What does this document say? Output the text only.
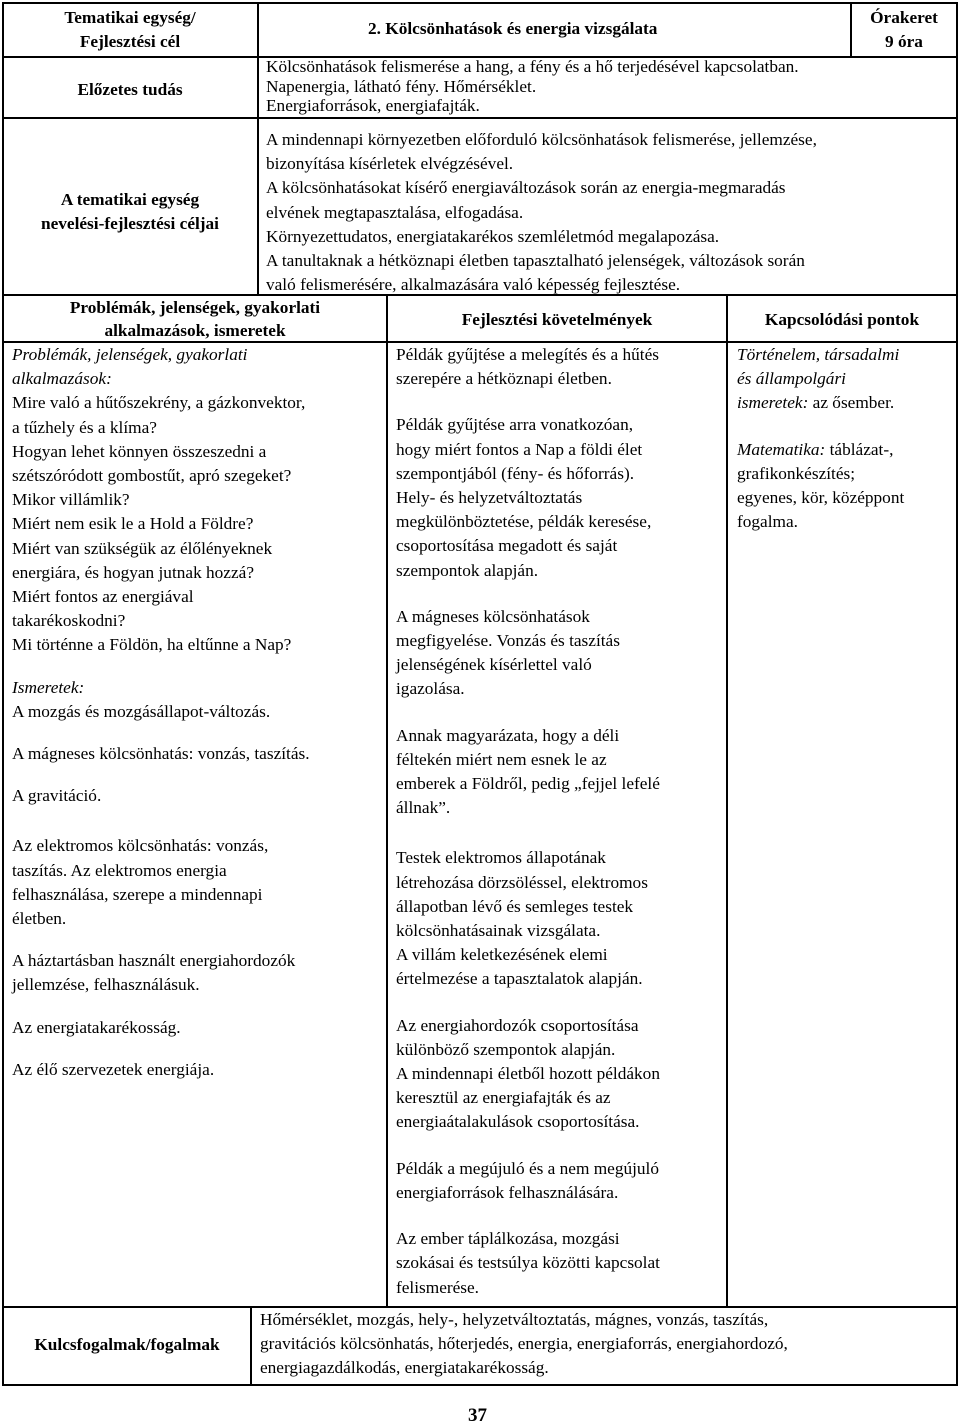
Tematikai egység/
Fejlesztési cél
2. Kölcsönhatások és energia vizsgálata
Órakeret
9 óra
Előzetes tudás
Kölcsönhatások felismerése a hang, a fény és a hő terjedésével kapcsolatban.
Napenergia, látható fény. Hőmérséklet.
Energiaforrások, energiafajták.
A tematikai egység
nevelési-fejlesztési céljai
A mindennapi környezetben előforduló kölcsönhatások felismerése, jellemzése,
bizonyítása kísérletek elvégzésével.
A kölcsönhatásokat kísérő energiaváltozások során az energia-megmaradás
elvének megtapasztalása, elfogadása.
Környezettudatos, energiatakarékos szemléletmód megalapozása.
A tanultaknak a hétköznapi életben tapasztalható jelenségek, változások során
való felismerésére, alkalmazására való képesség fejlesztése.
Problémák, jelenségek, gyakorlati
alkalmazások, ismeretek
Fejlesztési követelmények	Kapcsolódási pontok
Problémák, jelenségek, gyakorlati
alkalmazások:
Mire való a hűtőszekrény, a gázkonvektor,
a tűzhely és a klíma?
Hogyan lehet könnyen összeszedni a
szétszóródott gombostűt, apró szegeket?
Mikor villámlik?
Miért nem esik le a Hold a Földre?
Miért van szükségük az élőlényeknek
energiára, és hogyan jutnak hozzá?
Miért fontos az energiával
takarékoskodni?
Mi történne a Földön, ha eltűnne a Nap?
Ismeretek:
A mozgás és mozgásállapot-változás.
A mágneses kölcsönhatás: vonzás, taszítás.
A gravitáció.
Az elektromos kölcsönhatás: vonzás,
taszítás. Az elektromos energia
felhasználása, szerepe a mindennapi
életben.
A háztartásban használt energiahordozók
jellemzése, felhasználásuk.
Az energiatakarékosság.
Az élő szervezetek energiája.
Példák gyűjtése a melegítés és a hűtés
szerepére a hétköznapi életben.
Példák gyűjtése arra vonatkozóan,
hogy miért fontos a Nap a földi élet
szempontjából (fény- és hőforrás).
Hely- és helyzetváltoztatás
megkülönböztetése, példák keresése,
csoportosítása megadott és saját
szempontok alapján.
A mágneses kölcsönhatások
megfigyelése. Vonzás és taszítás
jelenségének kísérlettel való
igazolása.
Annak magyarázata, hogy a déli
féltekén miért nem esnek le az
emberek a Földről, pedig „fejjel lefelé
állnak”.
Testek elektromos állapotának
létrehozása dörzsöléssel, elektromos
állapotban lévő és semleges testek
kölcsönhatásainak vizsgálata.
A villám keletkezésének elemi
értelmezése a tapasztalatok alapján.
Az energiahordozók csoportosítása
különböző szempontok alapján.
A mindennapi életből hozott példákon
keresztül az energiafajták és az
energiaátalakulások csoportosítása.
Példák a megújuló és a nem megújuló
energiaforrások felhasználására.
Az ember táplálkozása, mozgási
szokásai és testsúlya közötti kapcsolat
felismerése.
Történelem, társadalmi
és állampolgári
ismeretek: az ősember.
Matematika: táblázat-,
grafikonkészítés;
egyenes, kör, középpont
fogalma.
Kulcsfogalmak/fogalmak
Hőmérséklet, mozgás, hely-, helyzetváltoztatás, mágnes, vonzás, taszítás,
gravitációs kölcsönhatás, hőterjedés, energia, energiaforrás, energiahordozó,
energiagazdálkodás, energiatakarékosság.
37
